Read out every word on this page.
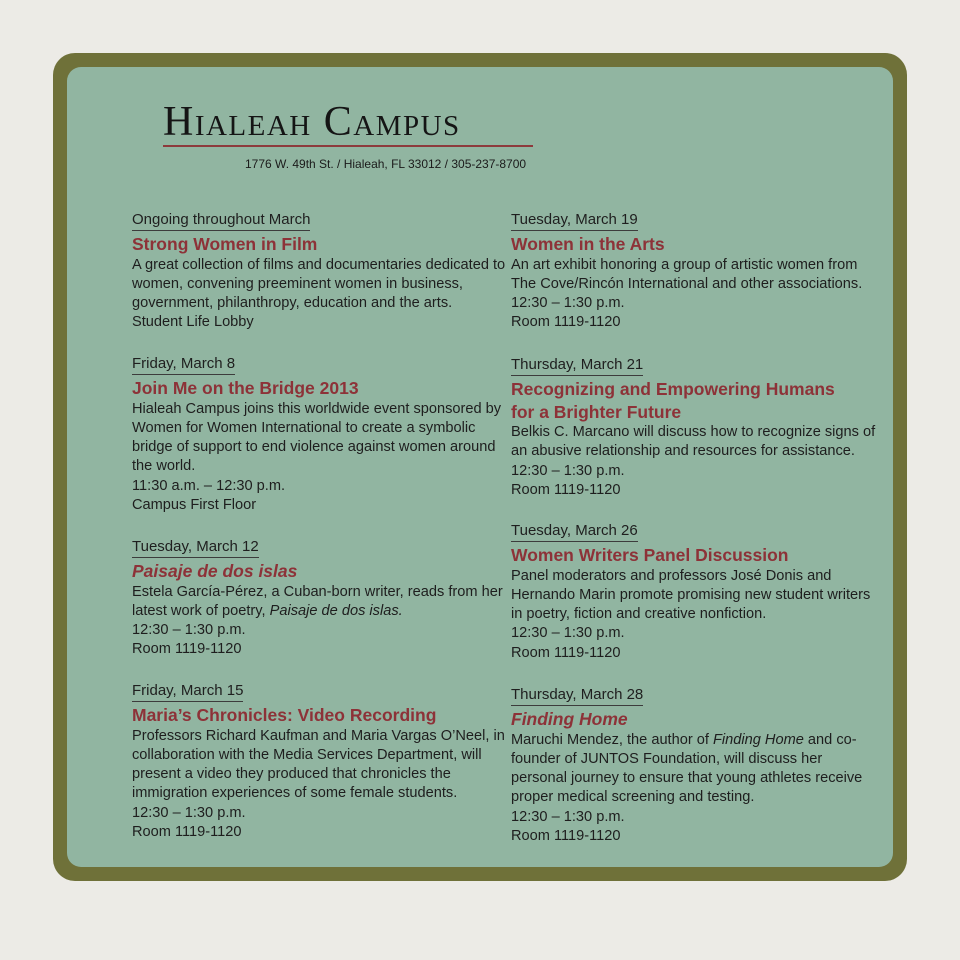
Hialeah Campus
1776 W. 49th St. / Hialeah, FL 33012 / 305-237-8700
Ongoing throughout March
Strong Women in Film

A great collection of films and documentaries dedicated to women, convening preeminent women in business, government, philanthropy, education and the arts.

Student Life Lobby

Friday, March 8
Join Me on the Bridge 2013

Hialeah Campus joins this worldwide event sponsored by Women for Women International to create a symbolic bridge of support to end violence against women around the world.

11:30 a.m. – 12:30 p.m.

Campus First Floor

Tuesday, March 12
Paisaje de dos islas

Estela García-Pérez, a Cuban-born writer, reads from her latest work of poetry, Paisaje de dos islas.

12:30 – 1:30 p.m.

Room 1119-1120

Friday, March 15
Maria’s Chronicles: Video Recording

Professors Richard Kaufman and Maria Vargas O’Neel, in collaboration with the Media Services Department, will present a video they produced that chronicles the immigration experiences of some female students.

12:30 – 1:30 p.m.

Room 1119-1120

Tuesday, March 19
Women in the Arts

An art exhibit honoring a group of artistic women from The Cove/Rincón International and other associations.

12:30 – 1:30 p.m.

Room 1119-1120

Thursday, March 21
Recognizing and Empowering Humans for a Brighter Future

Belkis C. Marcano will discuss how to recognize signs of an abusive relationship and resources for assistance.

12:30 – 1:30 p.m.

Room 1119-1120

Tuesday, March 26
Women Writers Panel Discussion

Panel moderators and professors José Donis and Hernando Marin promote promising new student writers in poetry, fiction and creative nonfiction.

12:30 – 1:30 p.m.

Room 1119-1120

Thursday, March 28
Finding Home

Maruchi Mendez, the author of Finding Home and co-founder of JUNTOS Foundation, will discuss her personal journey to ensure that young athletes receive proper medical screening and testing.

12:30 – 1:30 p.m.

Room 1119-1120
